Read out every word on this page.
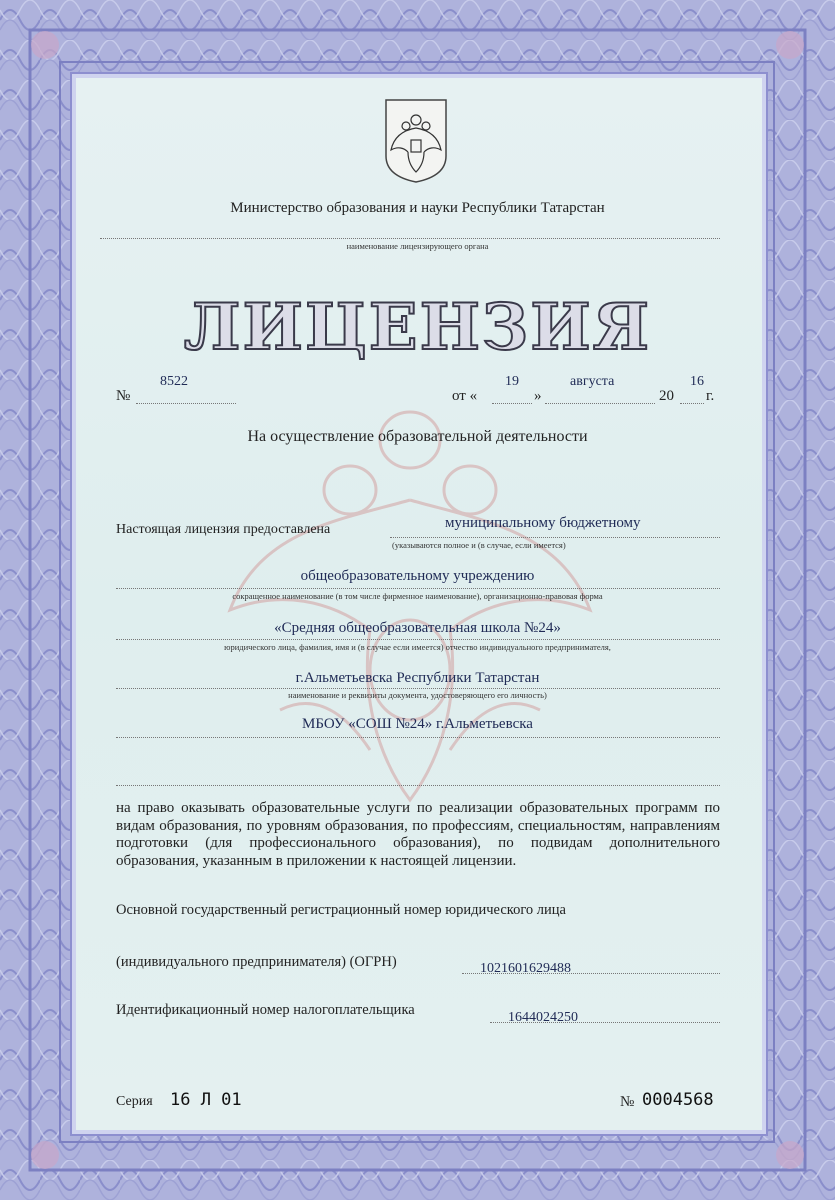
Министерство образования и науки Республики Татарстан
наименование лицензирующего органа
ЛИЦЕНЗИЯ
№
8522
от «
19
»
августа
20
16
г.
На осуществление образовательной деятельности
Настоящая лицензия предоставлена	муниципальному бюджетному
(указываются полное и (в случае, если имеется)
общеобразовательному учреждению
сокращенное наименование (в том числе фирменное наименование), организационно-правовая форма
«Средняя общеобразовательная школа №24»
юридического лица, фамилия, имя и (в случае если имеется) отчество индивидуального предпринимателя,
г.Альметьевска Республики Татарстан
наименование и реквизиты документа, удостоверяющего его личность)
МБОУ «СОШ №24» г.Альметьевска
на право оказывать образовательные услуги по реализации образовательных программ по видам образования, по уровням образования, по профессиям, специальностям, направлениям подготовки (для профессионального образования), по подвидам дополнительного образования, указанным в приложении к настоящей лицензии.
Основной государственный регистрационный номер юридического лица
(индивидуального предпринимателя) (ОГРН)	1021601629488
Идентификационный номер налогоплательщика	1644024250
Серия 16 Л 01	№ 0004568
